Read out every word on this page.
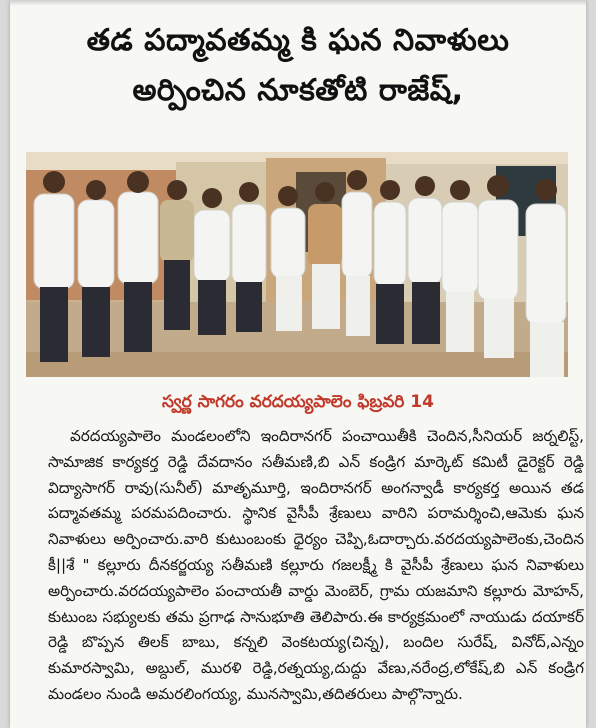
తడ పద్మావతమ్మ కి ఘన నివాళులు
అర్పించిన నూకతోటి రాజేష్,
స్వర్ణ సాగరం వరదయ్యపాలెం ఫిబ్రవరి 14

వరదయ్యపాలెం మండలంలోని ఇందిరానగర్ పంచాయితీకి చెందిన,సీనియర్ జర్నలిస్ట్, సామాజిక కార్యకర్త రెడ్డి దేవదానం సతీమణి,బి ఎన్ కండ్రిగ మార్కెట్ కమిటీ డైరెక్టర్ రెడ్డి విద్యాసాగర్ రావు(సునీల్) మాతృమూర్తి, ఇందిరానగర్ అంగన్వాడీ కార్యకర్త అయిన తడ పద్మావతమ్మ పరమపదించారు. స్థానిక వైసీపీ శ్రేణులు వారిని పరామర్శించి,ఆమెకు ఘన నివాళులు అర్పించారు.వారి కుటుంబంకు ధైర్యం చెప్పి,ఓదార్చారు.వరదయ్యపాలెంకు,చెందిన కీ||శే " కల్లూరు దీనకర్జయ్య సతీమణి కల్లూరు గజలక్ష్మీ కి వైసీపీ శ్రేణులు ఘన నివాళులు అర్పించారు.వరదయ్యపాలెం పంచాయతీ వార్డు మెంబెర్, గ్రామ యజమాని కల్లూరు మోహన్, కుటుంబ సభ్యులకు తమ ప్రగాఢ సానుభూతి తెలిపారు.ఈ కార్యక్రమంలో నాయుడు దయాకర్ రెడ్డి బొప్పన తిలక్ బాబు, కన్నలి వెంకటయ్య(చిన్న), బందిల సురేష్, వినోద్,ఎన్నం కుమారస్వామి, అబ్దుల్, మురళి రెడ్డి,రత్నయ్య,దుద్దు వేణు,నరేంద్ర,లోకేష్,బి ఎన్ కండ్రిగ మండలం నుండి అమరలింగయ్య, మునస్వామి,తదితరులు పాల్గొన్నారు.
